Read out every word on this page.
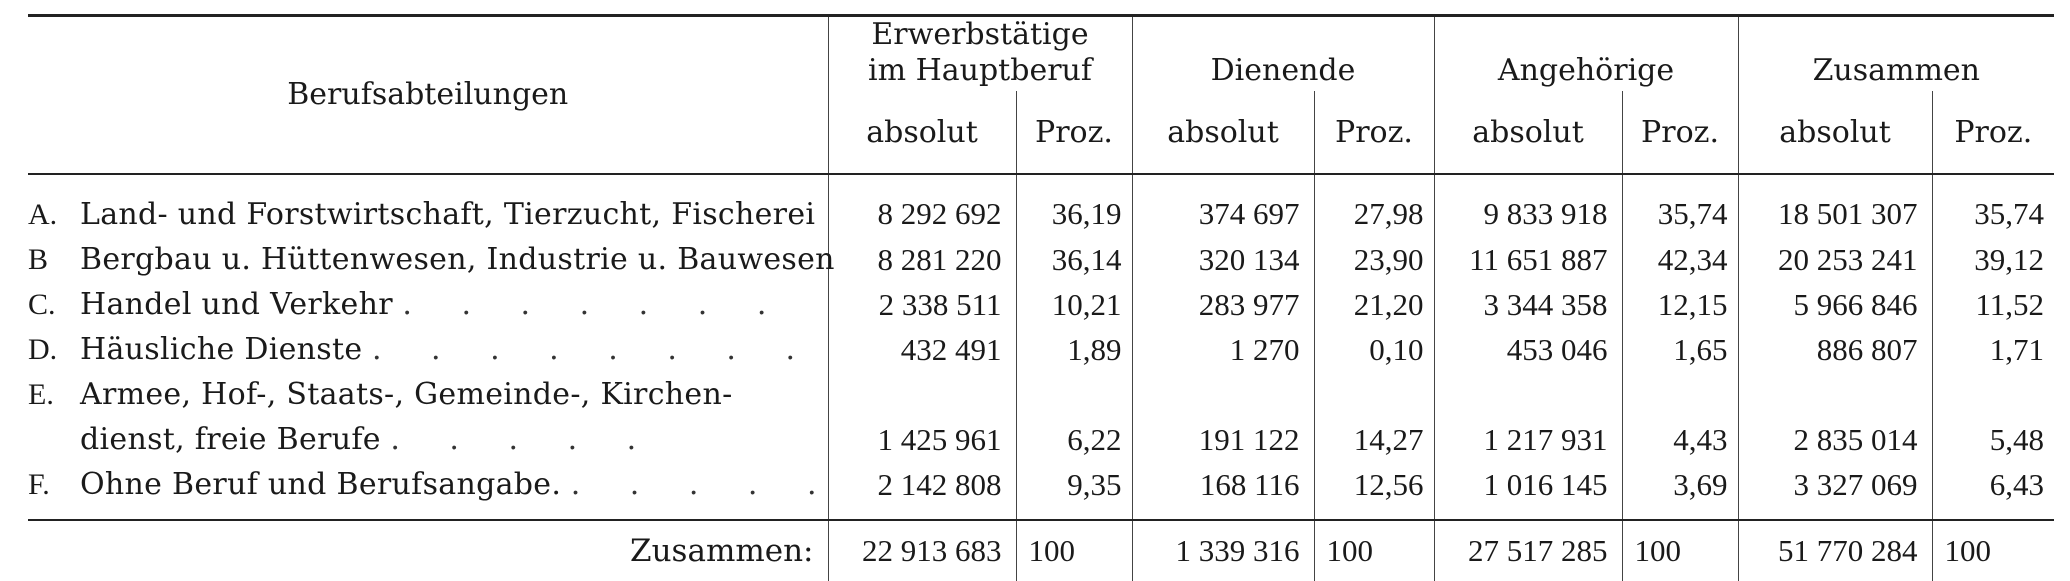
Berufsabteilungen	Erwerbstätige
im Hauptberuf		Dienende		Angehörige		Zusammen	

	absolut	Proz.	absolut	Proz.	absolut	Proz.	absolut	Proz.
A. Land- und Forstwirtschaft, Tierzucht, Fischerei	8 292 692	36,19	374 697	27,98	9 833 918	35,74	18 501 307	35,74
B Bergbau u. Hüttenwesen, Industrie u. Bauwesen	8 281 220	36,14	320 134	23,90	11 651 887	42,34	20 253 241	39,12
C. Handel und Verkehr . . . . . . .	2 338 511	10,21	283 977	21,20	3 344 358	12,15	5 966 846	11,52
D. Häusliche Dienste . . . . . . . .	432 491	1,89	1 270	0,10	453 046	1,65	886 807	1,71
E. Armee, Hof-, Staats-, Gemeinde-, Kirchen-								
dienst, freie Berufe . . . . .	1 425 961	6,22	191 122	14,27	1 217 931	4,43	2 835 014	5,48
F. Ohne Beruf und Berufsangabe. . . . . .	2 142 808	9,35	168 116	12,56	1 016 145	3,69	3 327 069	6,43
Zusammen:	22 913 683	100	1 339 316	100	27 517 285	100	51 770 284	100
